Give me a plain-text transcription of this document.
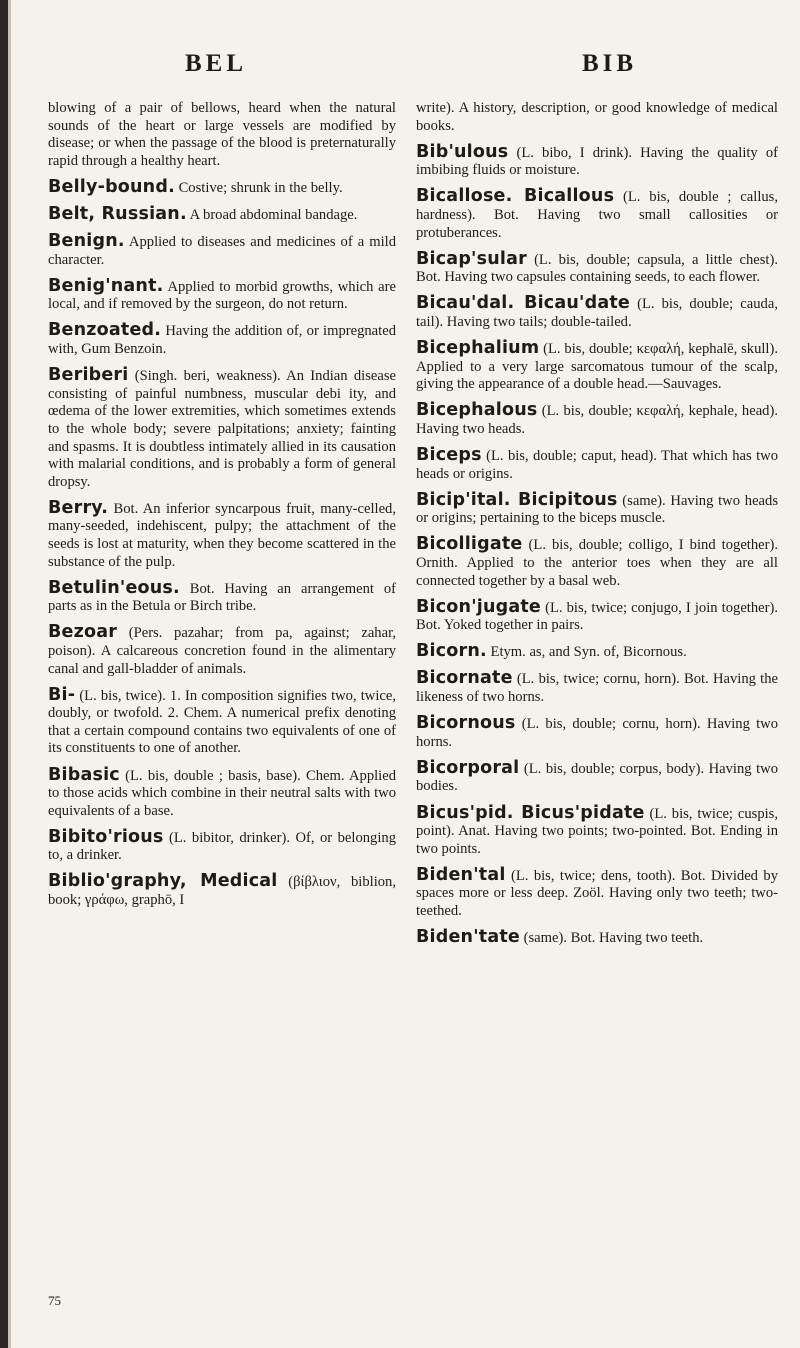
BEL	BIB

blowing of a pair of bellows, heard when the natural sounds of the heart or large vessels are modified by disease; or when the passage of the blood is preternaturally rapid through a healthy heart.

Belly-bound. Costive; shrunk in the belly.

Belt, Russian. A broad abdominal bandage.

Benign. Applied to diseases and medicines of a mild character.

Benig'nant. Applied to morbid growths, which are local, and if removed by the surgeon, do not return.

Benzoated. Having the addition of, or impregnated with, Gum Benzoin.

Beriberi (Singh. beri, weakness). An Indian disease consisting of painful numbness, muscular debi ity, and œdema of the lower extremities, which sometimes extends to the whole body; severe palpitations; anxiety; fainting and spasms. It is doubtless intimately allied in its causation with malarial conditions, and is probably a form of general dropsy.

Berry. Bot. An inferior syncarpous fruit, many-celled, many-seeded, indehiscent, pulpy; the attachment of the seeds is lost at maturity, when they become scattered in the substance of the pulp.

Betulin'eous. Bot. Having an arrangement of parts as in the Betula or Birch tribe.

Bezoar (Pers. pazahar; from pa, against; zahar, poison). A calcareous concretion found in the alimentary canal and gall-bladder of animals.

Bi- (L. bis, twice). 1. In composition signifies two, twice, doubly, or twofold. 2. Chem. A numerical prefix denoting that a certain compound contains two equivalents of one of its constituents to one of another.

Bibasic (L. bis, double ; basis, base). Chem. Applied to those acids which combine in their neutral salts with two equivalents of a base.

Bibito'rious (L. bibitor, drinker). Of, or belonging to, a drinker.

Biblio'graphy, Medical (βίβλιον, biblion, book; γράφω, graphō, I

write). A history, description, or good knowledge of medical books.

Bib'ulous (L. bibo, I drink). Having the quality of imbibing fluids or moisture.

Bicallose. Bicallous (L. bis, double ; callus, hardness). Bot. Having two small callosities or protuberances.

Bicap'sular (L. bis, double; capsula, a little chest). Bot. Having two capsules containing seeds, to each flower.

Bicau'dal. Bicau'date (L. bis, double; cauda, tail). Having two tails; double-tailed.

Bicephalium (L. bis, double; κεφαλή, kephalē, skull). Applied to a very large sarcomatous tumour of the scalp, giving the appearance of a double head.—Sauvages.

Bicephalous (L. bis, double; κεφαλή, kephale, head). Having two heads.

Biceps (L. bis, double; caput, head). That which has two heads or origins.

Bicip'ital. Bicipitous (same). Having two heads or origins; pertaining to the biceps muscle.

Bicolligate (L. bis, double; colligo, I bind together). Ornith. Applied to the anterior toes when they are all connected together by a basal web.

Bicon'jugate (L. bis, twice; conjugo, I join together). Bot. Yoked together in pairs.

Bicorn. Etym. as, and Syn. of, Bicornous.

Bicornate (L. bis, twice; cornu, horn). Bot. Having the likeness of two horns.

Bicornous (L. bis, double; cornu, horn). Having two horns.

Bicorporal (L. bis, double; corpus, body). Having two bodies.

Bicus'pid. Bicus'pidate (L. bis, twice; cuspis, point). Anat. Having two points; two-pointed. Bot. Ending in two points.

Biden'tal (L. bis, twice; dens, tooth). Bot. Divided by spaces more or less deep. Zoöl. Having only two teeth; two-teethed.

Biden'tate (same). Bot. Having two teeth.

75
